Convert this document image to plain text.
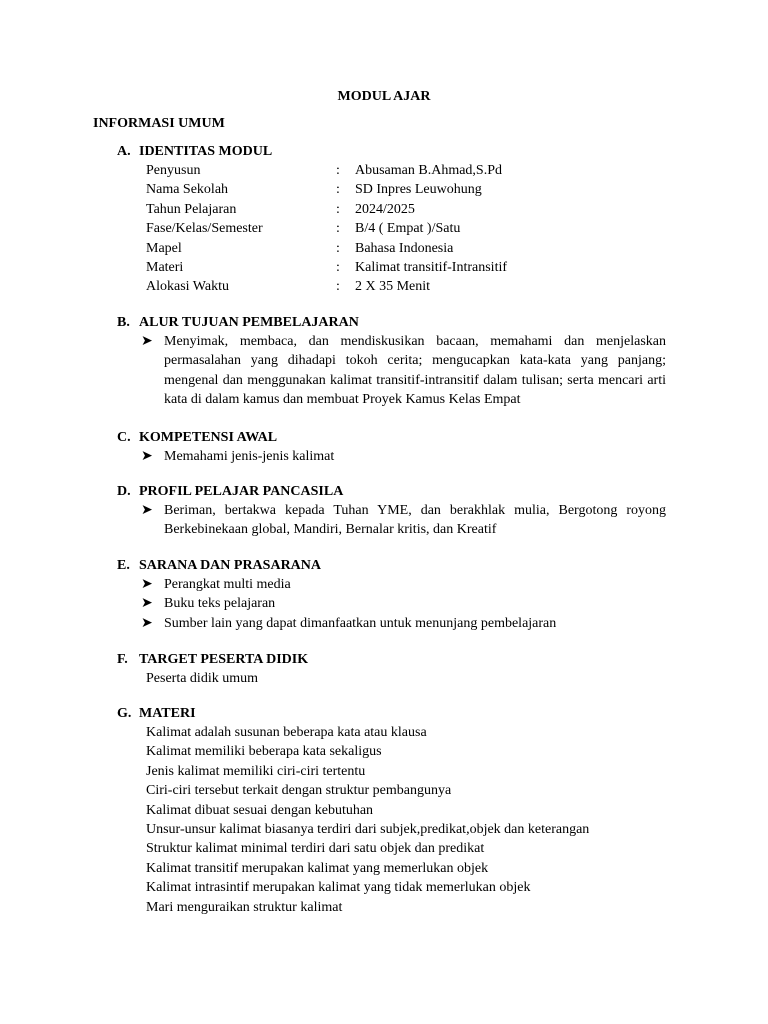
MODUL AJAR
INFORMASI UMUM
A. IDENTITAS MODUL
Penyusun	:	Abusaman B.Ahmad,S.Pd
Nama Sekolah	:	SD Inpres Leuwohung
Tahun Pelajaran	:	2024/2025
Fase/Kelas/Semester	:	B/4 ( Empat )/Satu
Mapel	:	Bahasa Indonesia
Materi	:	Kalimat transitif-Intransitif
Alokasi Waktu	:	2 X 35 Menit
B. ALUR TUJUAN PEMBELAJARAN
➤ Menyimak, membaca, dan mendiskusikan bacaan, memahami dan menjelaskan permasalahan yang dihadapi tokoh cerita; mengucapkan kata-kata yang panjang; mengenal dan menggunakan kalimat transitif-intransitif dalam tulisan; serta mencari arti kata di dalam kamus dan membuat Proyek Kamus Kelas Empat
C. KOMPETENSI AWAL
➤ Memahami jenis-jenis kalimat
D. PROFIL PELAJAR PANCASILA
➤ Beriman, bertakwa kepada Tuhan YME, dan berakhlak mulia, Bergotong royong Berkebinekaan global, Mandiri, Bernalar kritis, dan Kreatif
E. SARANA DAN PRASARANA
➤ Perangkat multi media
➤ Buku teks pelajaran
➤ Sumber lain yang dapat dimanfaatkan untuk menunjang pembelajaran
F. TARGET PESERTA DIDIK
Peserta didik umum
G. MATERI
Kalimat adalah susunan beberapa kata atau klausa
Kalimat memiliki beberapa kata sekaligus
Jenis kalimat memiliki ciri-ciri tertentu
Ciri-ciri tersebut terkait dengan struktur pembangunya
Kalimat dibuat sesuai dengan kebutuhan
Unsur-unsur kalimat biasanya terdiri dari subjek,predikat,objek dan keterangan
Struktur kalimat minimal terdiri dari satu objek dan predikat
Kalimat transitif merupakan kalimat yang memerlukan objek
Kalimat intrasintif merupakan kalimat yang tidak memerlukan objek
Mari menguraikan struktur kalimat
